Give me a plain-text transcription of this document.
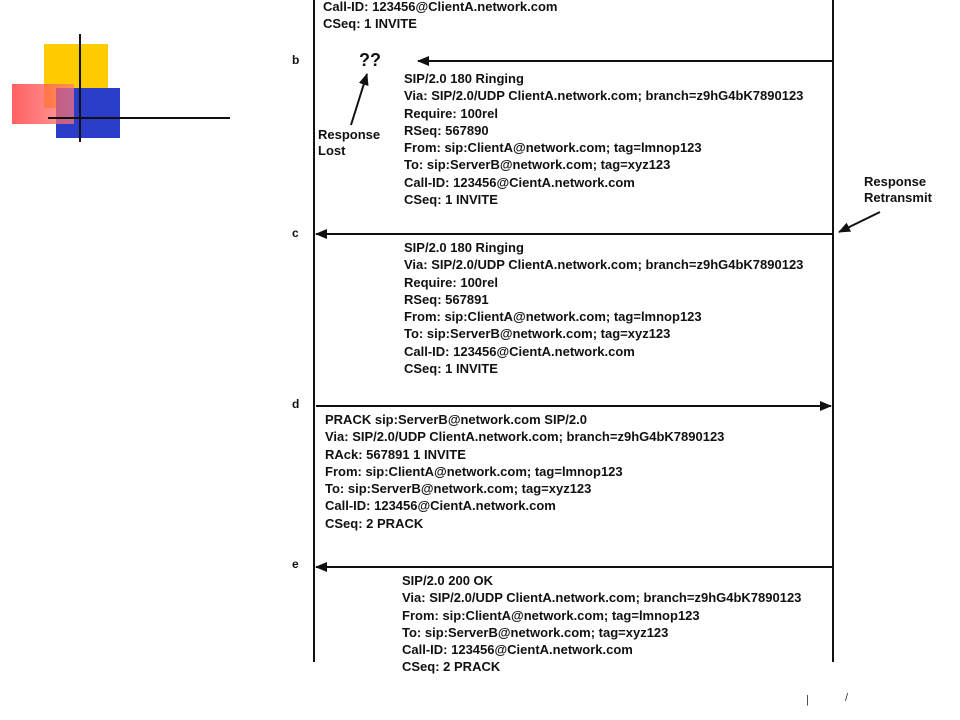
Call-ID: 123456@ClientA.network.com
CSeq: 1 INVITE
b
c
d
e
??
Response
Lost
Response
Retransmit
SIP/2.0 180 Ringing
Via: SIP/2.0/UDP ClientA.network.com; branch=z9hG4bK7890123
Require: 100rel
RSeq: 567890
From: sip:ClientA@network.com; tag=lmnop123
To: sip:ServerB@network.com; tag=xyz123
Call-ID: 123456@CientA.network.com
CSeq: 1 INVITE
SIP/2.0 180 Ringing
Via: SIP/2.0/UDP ClientA.network.com; branch=z9hG4bK7890123
Require: 100rel
RSeq: 567891
From: sip:ClientA@network.com; tag=lmnop123
To: sip:ServerB@network.com; tag=xyz123
Call-ID: 123456@CientA.network.com
CSeq: 1 INVITE
PRACK sip:ServerB@network.com SIP/2.0
Via: SIP/2.0/UDP ClientA.network.com; branch=z9hG4bK7890123
RAck: 567891 1 INVITE
From: sip:ClientA@network.com; tag=lmnop123
To: sip:ServerB@network.com; tag=xyz123
Call-ID: 123456@CientA.network.com
CSeq: 2 PRACK
SIP/2.0 200 OK
Via: SIP/2.0/UDP ClientA.network.com; branch=z9hG4bK7890123
From: sip:ClientA@network.com; tag=lmnop123
To: sip:ServerB@network.com; tag=xyz123
Call-ID: 123456@CientA.network.com
CSeq: 2 PRACK
|	/
